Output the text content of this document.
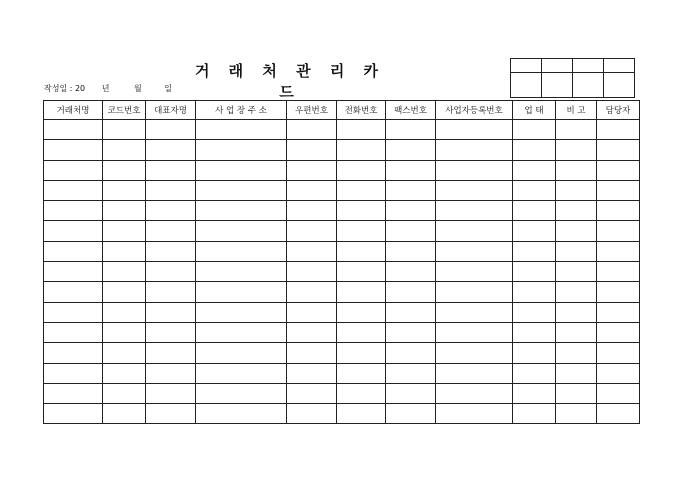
거 래 처 관 리 카 드
작성일 : 20 년	월	일

거래처명	코드번호	대표자명	사 업 장 주 소	우편번호	전화번호	팩스번호	사업자등록번호	업 태	비 고	담당자
